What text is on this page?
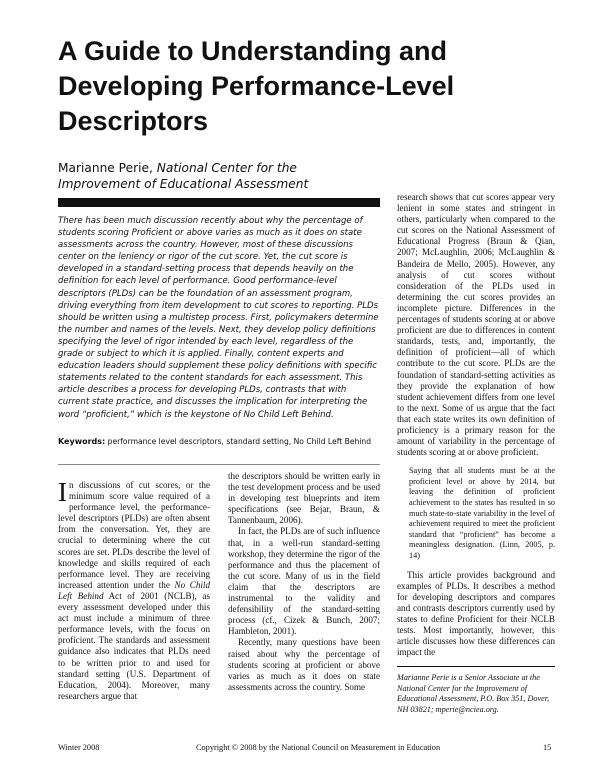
A Guide to Understanding and Developing Performance-Level Descriptors
Marianne Perie, National Center for the Improvement of Educational Assessment

There has been much discussion recently about why the percentage of students scoring Proficient or above varies as much as it does on state assessments across the country. However, most of these discussions center on the leniency or rigor of the cut score. Yet, the cut score is developed in a standard-setting process that depends heavily on the definition for each level of performance. Good performance-level descriptors (PLDs) can be the foundation of an assessment program, driving everything from item development to cut scores to reporting. PLDs should be written using a multistep process. First, policymakers determine the number and names of the levels. Next, they develop policy definitions specifying the level of rigor intended by each level, regardless of the grade or subject to which it is applied. Finally, content experts and education leaders should supplement these policy definitions with specific statements related to the content standards for each assessment. This article describes a process for developing PLDs, contrasts that with current state practice, and discusses the implication for interpreting the word “proficient,” which is the keystone of No Child Left Behind.

Keywords: performance level descriptors, standard setting, No Child Left Behind

In discussions of cut scores, or the minimum score value required of a performance level, the performance-level descriptors (PLDs) are often absent from the conversation. Yet, they are crucial to determining where the cut scores are set. PLDs describe the level of knowledge and skills required of each performance level. They are receiving increased attention under the No Child Left Behind Act of 2001 (NCLB), as every assessment developed under this act must include a minimum of three performance levels, with the focus on proficient. The standards and assessment guidance also indicates that PLDs need to be written prior to and used for standard setting (U.S. Department of Education, 2004). Moreover, many researchers argue that

the descriptors should be written early in the test development process and be used in developing test blueprints and item specifications (see Bejar, Braun, & Tannenbaum, 2006).

In fact, the PLDs are of such influence that, in a well-run standard-setting workshop, they determine the rigor of the performance and thus the placement of the cut score. Many of us in the field claim that the descriptors are instrumental to the validity and defensibility of the standard-setting process (cf., Cizek & Bunch, 2007; Hambleton, 2001).

Recently, many questions have been raised about why the percentage of students scoring at proficient or above varies as much as it does on state assessments across the country. Some

research shows that cut scores appear very lenient in some states and stringent in others, particularly when compared to the cut scores on the National Assessment of Educational Progress (Braun & Qian, 2007; McLaughlin, 2006; McLaughlin & Bandeira de Mello, 2005). However, any analysis of cut scores without consideration of the PLDs used in determining the cut scores provides an incomplete picture. Differences in the percentages of students scoring at or above proficient are due to differences in content standards, tests, and, importantly, the definition of proficient—all of which contribute to the cut score. PLDs are the foundation of standard-setting activities as they provide the explanation of how student achievement differs from one level to the next. Some of us argue that the fact that each state writes its own definition of proficiency is a primary reason for the amount of variability in the percentage of students scoring at or above proficient.

Saying that all students must be at the proficient level or above by 2014, but leaving the definition of proficient achievement to the states has resulted in so much state-to-state variability in the level of achievement required to meet the proficient standard that “proficient” has become a meaningless designation. (Linn, 2005, p. 14)

This article provides background and examples of PLDs. It describes a method for developing descriptors and compares and contrasts descriptors currently used by states to define Proficient for their NCLB tests. Most importantly, however, this article discusses how these differences can impact the

Marianne Perie is a Senior Associate at the National Center for the Improvement of Educational Assessment, P.O. Box 351, Dover, NH 03821; mperie@nciea.org.

Winter 2008	Copyright © 2008 by the National Council on Measurement in Education	15
